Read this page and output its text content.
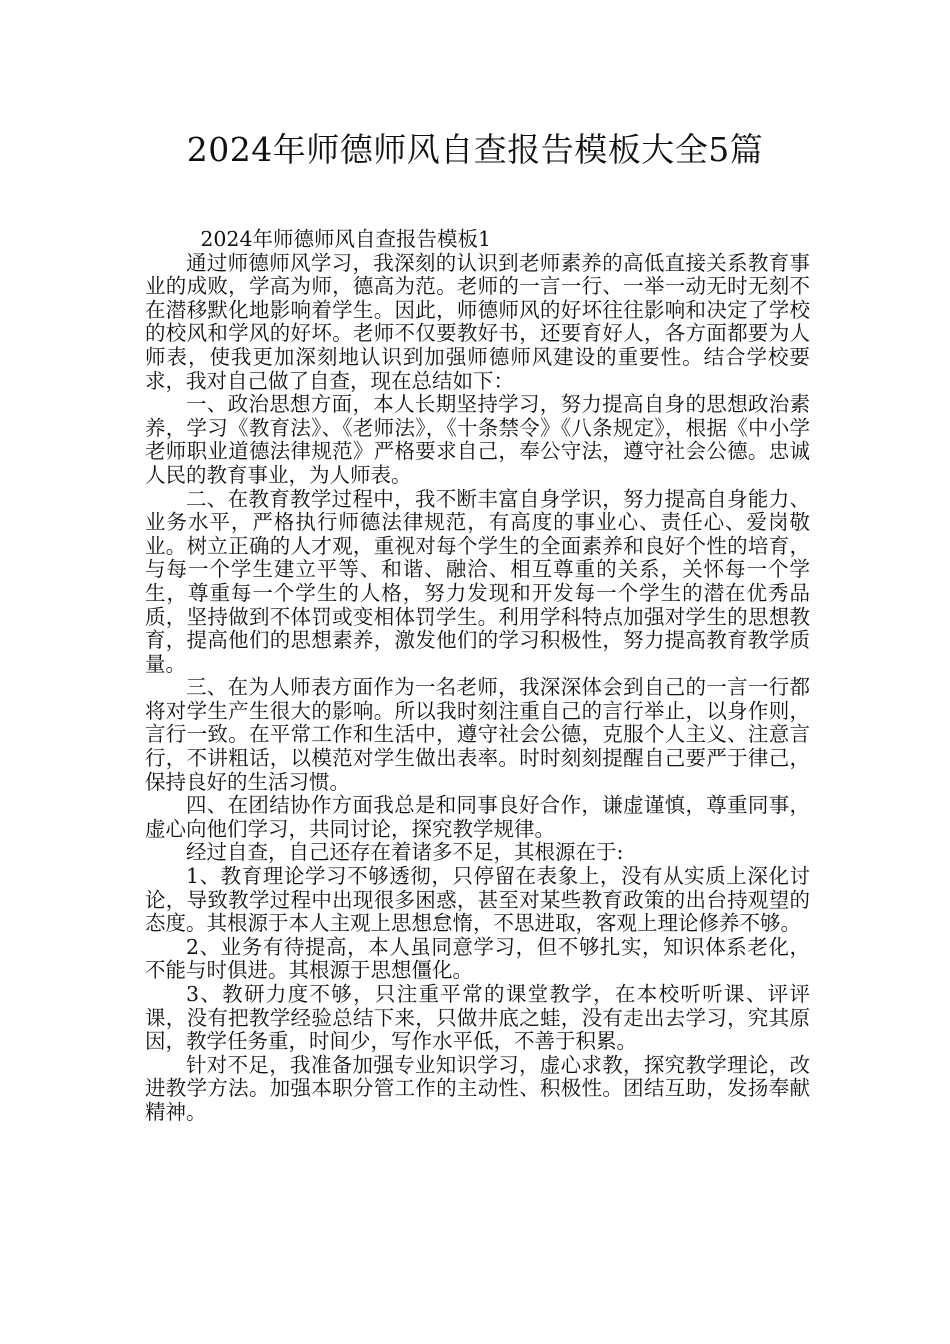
2024年师德师风自查报告模板大全5篇

2024年师德师风自查报告模板1

通过师德师风学习，我深刻的认识到老师素养的高低直接关系教育事业的成败，学高为师，德高为范。老师的一言一行、一举一动无时无刻不在潜移默化地影响着学生。因此，师德师风的好坏往往影响和决定了学校的校风和学风的好坏。老师不仅要教好书，还要育好人，各方面都要为人师表，使我更加深刻地认识到加强师德师风建设的重要性。结合学校要求，我对自己做了自查，现在总结如下：

一、政治思想方面，本人长期坚持学习，努力提高自身的思想政治素养，学习《教育法》、《老师法》，《十条禁令》《八条规定》，根据《中小学老师职业道德法律规范》严格要求自己，奉公守法，遵守社会公德。忠诚人民的教育事业，为人师表。

二、在教育教学过程中，我不断丰富自身学识，努力提高自身能力、业务水平，严格执行师德法律规范，有高度的事业心、责任心、爱岗敬业。树立正确的人才观，重视对每个学生的全面素养和良好个性的培育，与每一个学生建立平等、和谐、融洽、相互尊重的关系，关怀每一个学生，尊重每一个学生的人格，努力发现和开发每一个学生的潜在优秀品质，坚持做到不体罚或变相体罚学生。利用学科特点加强对学生的思想教育，提高他们的思想素养，激发他们的学习积极性，努力提高教育教学质量。

三、在为人师表方面作为一名老师，我深深体会到自己的一言一行都将对学生产生很大的影响。所以我时刻注重自己的言行举止，以身作则，言行一致。在平常工作和生活中，遵守社会公德，克服个人主义、注意言行，不讲粗话，以模范对学生做出表率。时时刻刻提醒自己要严于律己，保持良好的生活习惯。

四、在团结协作方面我总是和同事良好合作，谦虚谨慎，尊重同事，虚心向他们学习，共同讨论，探究教学规律。

经过自查，自己还存在着诸多不足，其根源在于:

1、教育理论学习不够透彻，只停留在表象上，没有从实质上深化讨论，导致教学过程中出现很多困惑，甚至对某些教育政策的出台持观望的态度。其根源于本人主观上思想怠惰，不思进取，客观上理论修养不够。

2、业务有待提高，本人虽同意学习，但不够扎实，知识体系老化，不能与时俱进。其根源于思想僵化。

3、教研力度不够，只注重平常的课堂教学，在本校听听课、评评课，没有把教学经验总结下来，只做井底之蛙，没有走出去学习，究其原因，教学任务重，时间少，写作水平低，不善于积累。

针对不足，我准备加强专业知识学习，虚心求教，探究教学理论，改进教学方法。加强本职分管工作的主动性、积极性。团结互助，发扬奉献精神。
